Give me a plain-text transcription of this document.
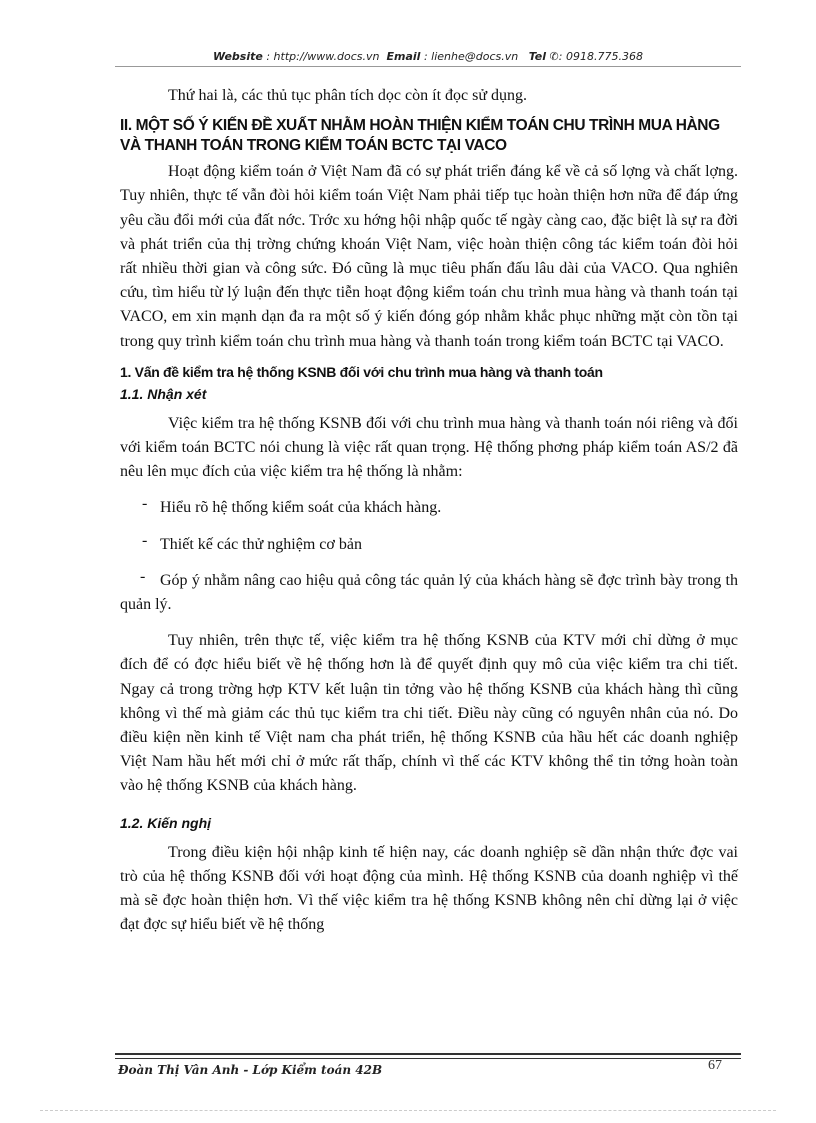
Website : http://www.docs.vn Email : lienhe@docs.vn Tel ✆: 0918.775.368

Thứ hai là, các thủ tục phân tích dọc còn ít đọc sử dụng.

II. MỘT SỐ Ý KIẾN ĐỀ XUẤT NHẰM HOÀN THIỆN KIỂM TOÁN CHU TRÌNH MUA HÀNG VÀ THANH TOÁN TRONG KIỂM TOÁN BCTC TẠI VACO

Hoạt động kiểm toán ở Việt Nam đã có sự phát triển đáng kể về cả số lợng và chất lợng. Tuy nhiên, thực tế vẫn đòi hỏi kiểm toán Việt Nam phải tiếp tục hoàn thiện hơn nữa để đáp ứng yêu cầu đổi mới của đất nớc. Trớc xu hớng hội nhập quốc tế ngày càng cao, đặc biệt là sự ra đời và phát triển của thị trờng chứng khoán Việt Nam, việc hoàn thiện công tác kiểm toán đòi hỏi rất nhiều thời gian và công sức. Đó cũng là mục tiêu phấn đấu lâu dài của VACO. Qua nghiên cứu, tìm hiểu từ lý luận đến thực tiễn hoạt động kiểm toán chu trình mua hàng và thanh toán tại VACO, em xin mạnh dạn đa ra một số ý kiến đóng góp nhằm khắc phục những mặt còn tồn tại trong quy trình kiểm toán chu trình mua hàng và thanh toán trong kiểm toán BCTC tại VACO.

1. Vấn đề kiểm tra hệ thống KSNB đối với chu trình mua hàng và thanh toán
1.1. Nhận xét

Việc kiểm tra hệ thống KSNB đối với chu trình mua hàng và thanh toán nói riêng và đối với kiểm toán BCTC nói chung là việc rất quan trọng. Hệ thống phơng pháp kiểm toán AS/2 đã nêu lên mục đích của việc kiểm tra hệ thống là nhằm:

- Hiểu rõ hệ thống kiểm soát của khách hàng.

- Thiết kế các thử nghiệm cơ bản

- Góp ý nhằm nâng cao hiệu quả công tác quản lý của khách hàng sẽ đợc trình bày trong th quản lý.

Tuy nhiên, trên thực tế, việc kiểm tra hệ thống KSNB của KTV mới chỉ dừng ở mục đích để có đợc hiểu biết về hệ thống hơn là để quyết định quy mô của việc kiểm tra chi tiết. Ngay cả trong trờng hợp KTV kết luận tin tởng vào hệ thống KSNB của khách hàng thì cũng không vì thế mà giảm các thủ tục kiểm tra chi tiết. Điều này cũng có nguyên nhân của nó. Do điều kiện nền kinh tế Việt nam cha phát triển, hệ thống KSNB của hầu hết các doanh nghiệp Việt Nam hầu hết mới chỉ ở mức rất thấp, chính vì thế các KTV không thể tin tởng hoàn toàn vào hệ thống KSNB của khách hàng.

1.2. Kiến nghị

Trong điều kiện hội nhập kinh tế hiện nay, các doanh nghiệp sẽ dần nhận thức đợc vai trò của hệ thống KSNB đối với hoạt động của mình. Hệ thống KSNB của doanh nghiệp vì thế mà sẽ đợc hoàn thiện hơn. Vì thế việc kiểm tra hệ thống KSNB không nên chỉ dừng lại ở việc đạt đợc sự hiểu biết về hệ thống

Đoàn Thị Vân Anh - Lớp Kiểm toán 42B	67
